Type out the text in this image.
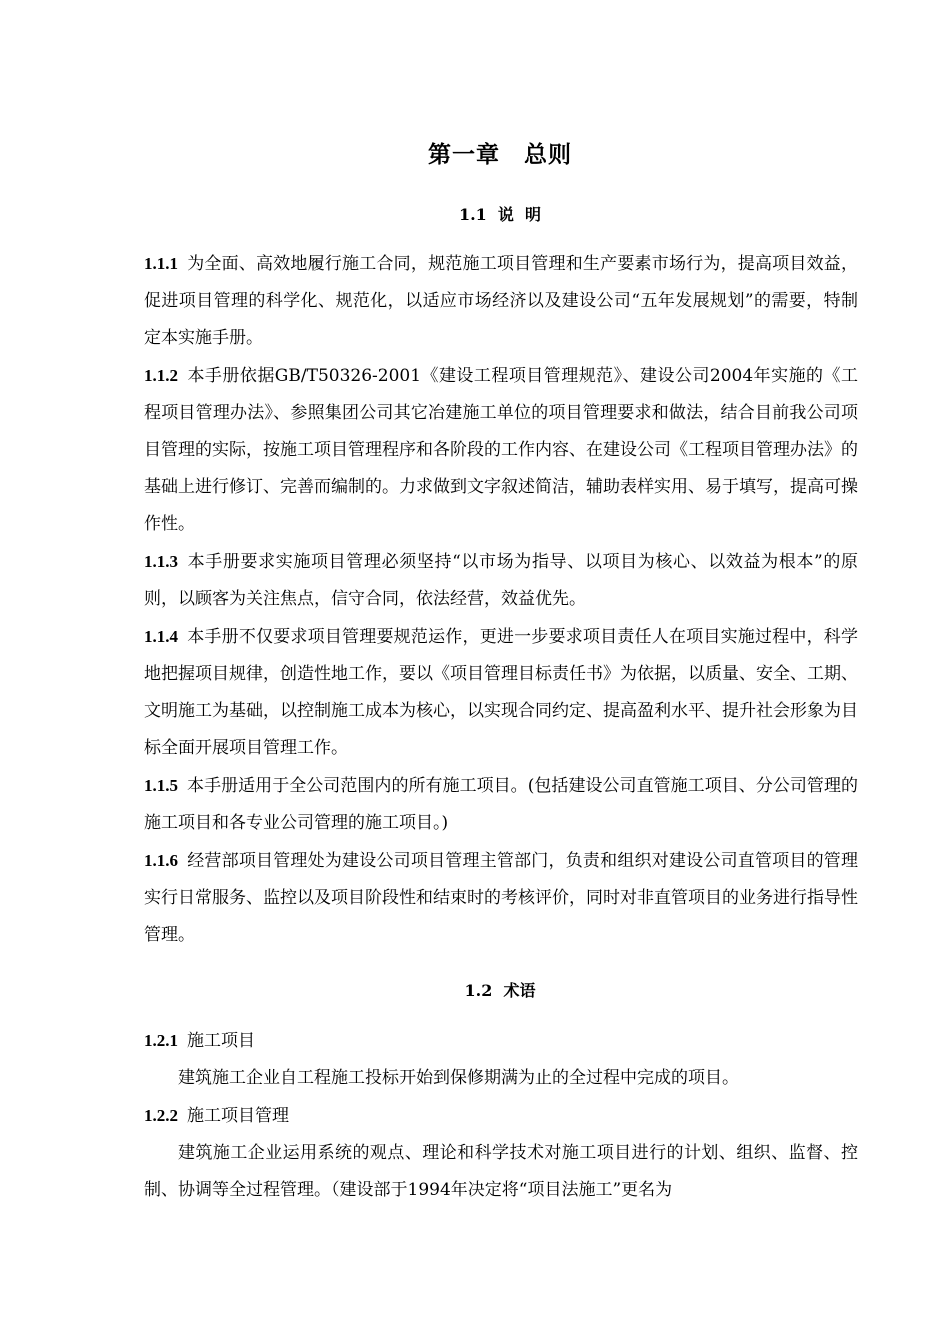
第一章　总则
1.1  说  明

1.1.1 为全面、高效地履行施工合同，规范施工项目管理和生产要素市场行为，提高项目效益，促进项目管理的科学化、规范化，以适应市场经济以及建设公司“五年发展规划”的需要，特制定本实施手册。

1.1.2 本手册依据GB/T50326-2001《建设工程项目管理规范》、建设公司2004年实施的《工程项目管理办法》、参照集团公司其它冶建施工单位的项目管理要求和做法，结合目前我公司项目管理的实际，按施工项目管理程序和各阶段的工作内容、在建设公司《工程项目管理办法》的基础上进行修订、完善而编制的。力求做到文字叙述简洁，辅助表样实用、易于填写，提高可操作性。

1.1.3 本手册要求实施项目管理必须坚持“以市场为指导、以项目为核心、以效益为根本”的原则，以顾客为关注焦点，信守合同，依法经营，效益优先。

1.1.4 本手册不仅要求项目管理要规范运作，更进一步要求项目责任人在项目实施过程中，科学地把握项目规律，创造性地工作，要以《项目管理目标责任书》为依据，以质量、安全、工期、文明施工为基础，以控制施工成本为核心，以实现合同约定、提高盈利水平、提升社会形象为目标全面开展项目管理工作。

1.1.5 本手册适用于全公司范围内的所有施工项目。(包括建设公司直管施工项目、分公司管理的施工项目和各专业公司管理的施工项目。)

1.1.6 经营部项目管理处为建设公司项目管理主管部门，负责和组织对建设公司直管项目的管理实行日常服务、监控以及项目阶段性和结束时的考核评价，同时对非直管项目的业务进行指导性管理。

1.2  术语

1.2.1 施工项目

建筑施工企业自工程施工投标开始到保修期满为止的全过程中完成的项目。

1.2.2 施工项目管理

建筑施工企业运用系统的观点、理论和科学技术对施工项目进行的计划、组织、监督、控制、协调等全过程管理。（建设部于1994年决定将“项目法施工”更名为
